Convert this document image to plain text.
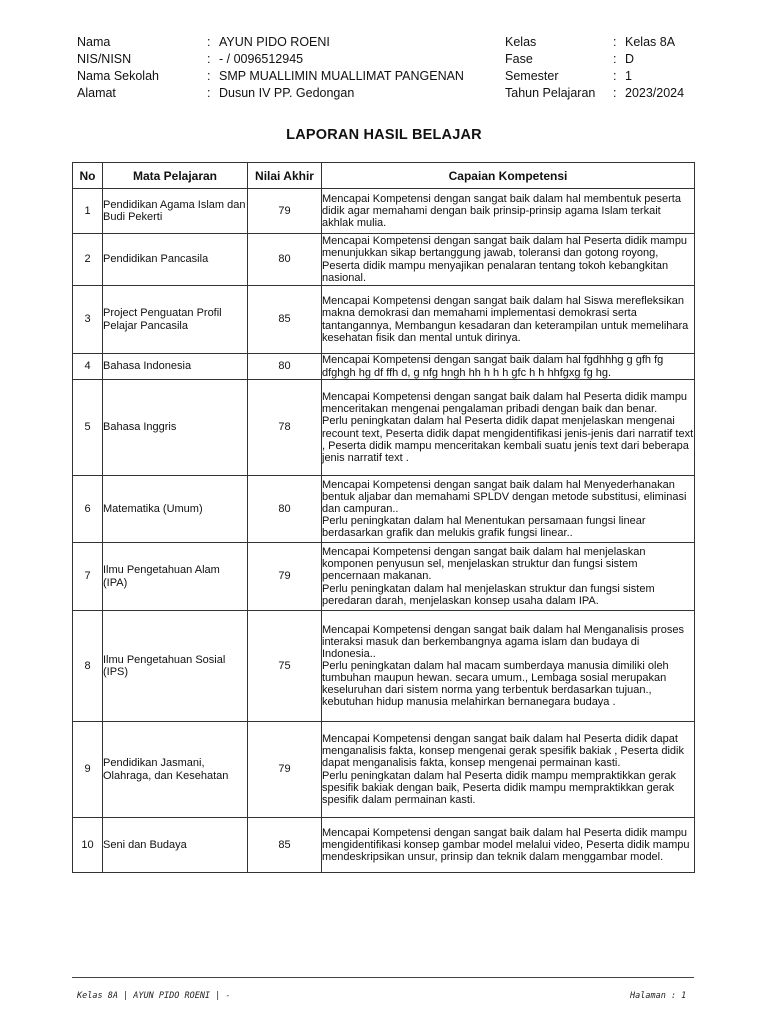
Nama	: AYUN PIDO ROENI
NIS/NISN	: - / 0096512945
Nama Sekolah	: SMP MUALLIMIN MUALLIMAT PANGENAN
Alamat	: Dusun IV PP. Gedongan
Kelas	: Kelas 8A
Fase	: D
Semester	: 1
Tahun Pelajaran	: 2023/2024
LAPORAN HASIL BELAJAR
No	Mata Pelajaran	Nilai Akhir	Capaian Kompetensi
1	Pendidikan Agama Islam dan Budi Pekerti	79	Mencapai Kompetensi dengan sangat baik dalam hal membentuk peserta didik agar memahami dengan baik prinsip-prinsip agama Islam terkait akhlak mulia.

2	Pendidikan Pancasila	80	Mencapai Kompetensi dengan sangat baik dalam hal Peserta didik mampu menunjukkan sikap bertanggung jawab, toleransi dan gotong royong, Peserta didik mampu menyajikan penalaran tentang tokoh kebangkitan nasional.

3	Project Penguatan Profil Pelajar Pancasila	85	Mencapai Kompetensi dengan sangat baik dalam hal Siswa merefleksikan makna demokrasi dan memahami implementasi demokrasi serta tantangannya, Membangun kesadaran dan keterampilan untuk memelihara kesehatan fisik dan mental untuk dirinya.

4	Bahasa Indonesia	80	Mencapai Kompetensi dengan sangat baik dalam hal fgdhhhg g gfh fg dfghgh hg df ffh d, g nfg hngh hh h h h gfc h h hhfgxg fg hg.

5	Bahasa Inggris	78	Mencapai Kompetensi dengan sangat baik dalam hal Peserta didik mampu menceritakan mengenai pengalaman pribadi dengan baik dan benar.
Perlu peningkatan dalam hal Peserta didik dapat menjelaskan mengenai recount text, Peserta didik dapat mengidentifikasi jenis-jenis dari narratif text , Peserta didik mampu menceritakan kembali suatu jenis text dari beberapa jenis narratif text .

6	Matematika (Umum)	80	Mencapai Kompetensi dengan sangat baik dalam hal Menyederhanakan bentuk aljabar dan memahami SPLDV dengan metode substitusi, eliminasi dan campuran..
Perlu peningkatan dalam hal Menentukan persamaan fungsi linear berdasarkan grafik dan melukis grafik fungsi linear..

7	Ilmu Pengetahuan Alam (IPA)	79	Mencapai Kompetensi dengan sangat baik dalam hal menjelaskan komponen penyusun sel, menjelaskan struktur dan fungsi sistem pencernaan makanan.
Perlu peningkatan dalam hal menjelaskan struktur dan fungsi sistem peredaran darah, menjelaskan konsep usaha dalam IPA.

8	Ilmu Pengetahuan Sosial (IPS)	75	Mencapai Kompetensi dengan sangat baik dalam hal Menganalisis proses interaksi masuk dan berkembangnya agama islam dan budaya di Indonesia..
Perlu peningkatan dalam hal macam sumberdaya manusia dimiliki oleh tumbuhan maupun hewan. secara umum., Lembaga sosial merupakan keseluruhan dari sistem norma yang terbentuk berdasarkan tujuan., kebutuhan hidup manusia melahirkan bernanegara budaya .

9	Pendidikan Jasmani, Olahraga, dan Kesehatan	79	Mencapai Kompetensi dengan sangat baik dalam hal Peserta didik dapat menganalisis fakta, konsep mengenai gerak spesifik bakiak , Peserta didik dapat menganalisis fakta, konsep mengenai permainan kasti.
Perlu peningkatan dalam hal Peserta didik mampu mempraktikkan gerak spesifik bakiak dengan baik, Peserta didik mampu mempraktikkan gerak spesifik dalam permainan kasti.

10	Seni dan Budaya	85	Mencapai Kompetensi dengan sangat baik dalam hal Peserta didik mampu mengidentifikasi konsep gambar model melalui video, Peserta didik mampu mendeskripsikan unsur, prinsip dan teknik dalam menggambar model.
Kelas 8A | AYUN PIDO ROENI | -	Halaman : 1
